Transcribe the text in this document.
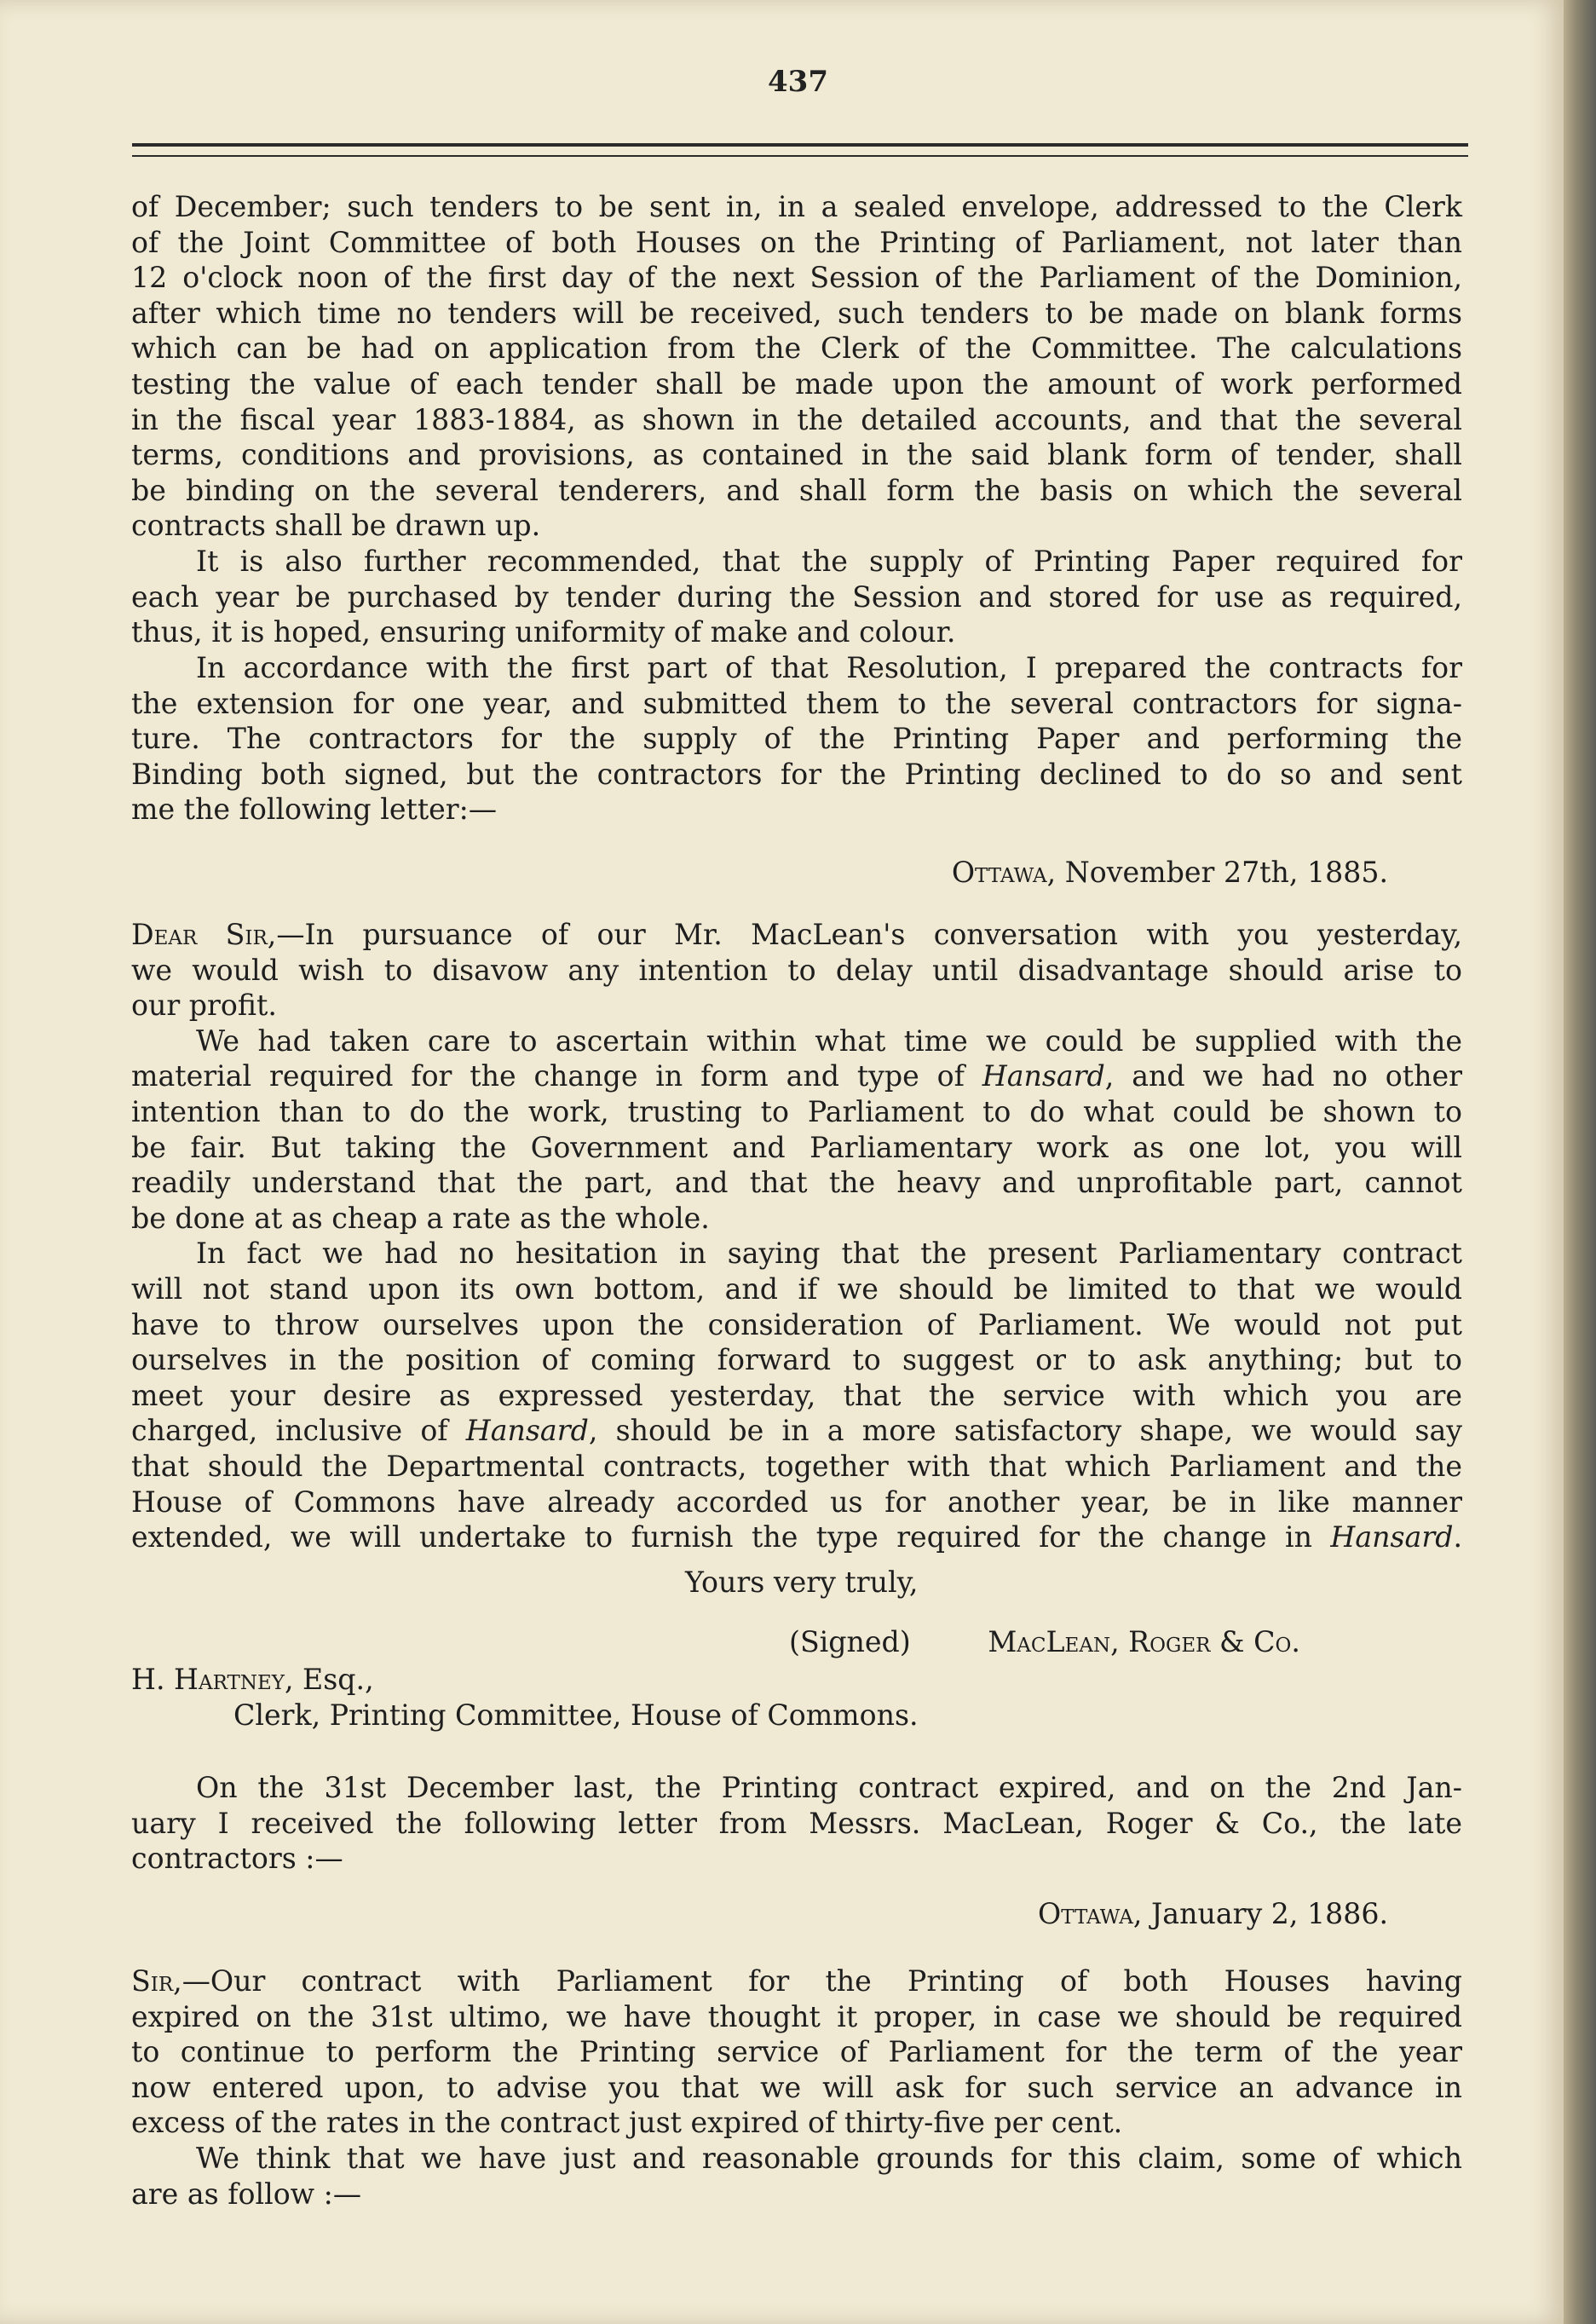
437

of December; such tenders to be sent in, in a sealed envelope, addressed to the Clerk

of the Joint Committee of both Houses on the Printing of Parliament, not later than

12 o'clock noon of the first day of the next Session of the Parliament of the Dominion,

after which time no tenders will be received, such tenders to be made on blank forms

which can be had on application from the Clerk of the Committee. The calculations

testing the value of each tender shall be made upon the amount of work performed

in the fiscal year 1883-1884, as shown in the detailed accounts, and that the several

terms, conditions and provisions, as contained in the said blank form of tender, shall

be binding on the several tenderers, and shall form the basis on which the several

contracts shall be drawn up.

It is also further recommended, that the supply of Printing Paper required for

each year be purchased by tender during the Session and stored for use as required,

thus, it is hoped, ensuring uniformity of make and colour.

In accordance with the first part of that Resolution, I prepared the contracts for

the extension for one year, and submitted them to the several contractors for signa-

ture. The contractors for the supply of the Printing Paper and performing the

Binding both signed, but the contractors for the Printing declined to do so and sent

me the following letter:—

Ottawa, November 27th, 1885.

Dear Sir,—In pursuance of our Mr. MacLean's conversation with you yesterday,

we would wish to disavow any intention to delay until disadvantage should arise to

our profit.

We had taken care to ascertain within what time we could be supplied with the

material required for the change in form and type of Hansard, and we had no other

intention than to do the work, trusting to Parliament to do what could be shown to

be fair. But taking the Government and Parliamentary work as one lot, you will

readily understand that the part, and that the heavy and unprofitable part, cannot

be done at as cheap a rate as the whole.

In fact we had no hesitation in saying that the present Parliamentary contract

will not stand upon its own bottom, and if we should be limited to that we would

have to throw ourselves upon the consideration of Parliament. We would not put

ourselves in the position of coming forward to suggest or to ask anything; but to

meet your desire as expressed yesterday, that the service with which you are

charged, inclusive of Hansard, should be in a more satisfactory shape, we would say

that should the Departmental contracts, together with that which Parliament and the

House of Commons have already accorded us for another year, be in like manner

extended, we will undertake to furnish the type required for the change in Hansard.

Yours very truly,
(Signed)	MacLean, Roger & Co.

H. Hartney, Esq.,

Clerk, Printing Committee, House of Commons.

On the 31st December last, the Printing contract expired, and on the 2nd Jan-

uary I received the following letter from Messrs. MacLean, Roger & Co., the late

contractors :—

Ottawa, January 2, 1886.

Sir,—Our contract with Parliament for the Printing of both Houses having

expired on the 31st ultimo, we have thought it proper, in case we should be required

to continue to perform the Printing service of Parliament for the term of the year

now entered upon, to advise you that we will ask for such service an advance in

excess of the rates in the contract just expired of thirty-five per cent.

We think that we have just and reasonable grounds for this claim, some of which

are as follow :—
